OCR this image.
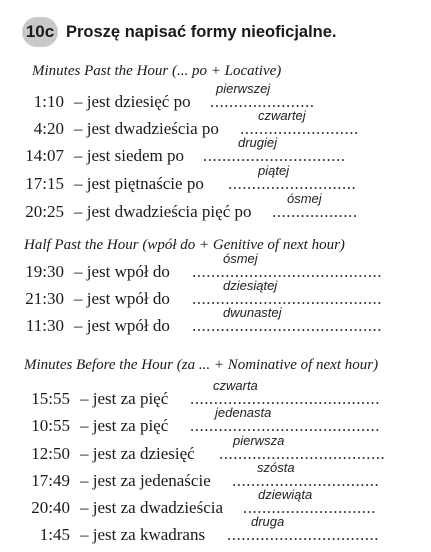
10c Proszę napisać formy nieoficjalne.
Minutes Past the Hour (... po + Locative)
1:10 – jest dziesięć po ......................
pierwszej
4:20 – jest dwadzieścia po .........................
czwartej
14:07 – jest siedem po ..............................
drugiej
17:15 – jest piętnaście po ...........................
piątej
20:25 – jest dwadzieścia pięć po ..................
ósmej
Half Past the Hour (wpół do + Genitive of next hour)
19:30 – jest wpół do ........................................
ósmej
21:30 – jest wpół do ........................................
dziesiątej
11:30 – jest wpół do ........................................
dwunastej
Minutes Before the Hour (za ... + Nominative of next hour)
15:55 – jest za pięć ........................................
czwarta
10:55 – jest za pięć ........................................
jedenasta
12:50 – jest za dziesięć ...................................
pierwsza
17:49 – jest za jedenaście ...............................
szósta
20:40 – jest za dwadzieścia ............................
dziewiąta
1:45 – jest za kwadrans ................................
druga
